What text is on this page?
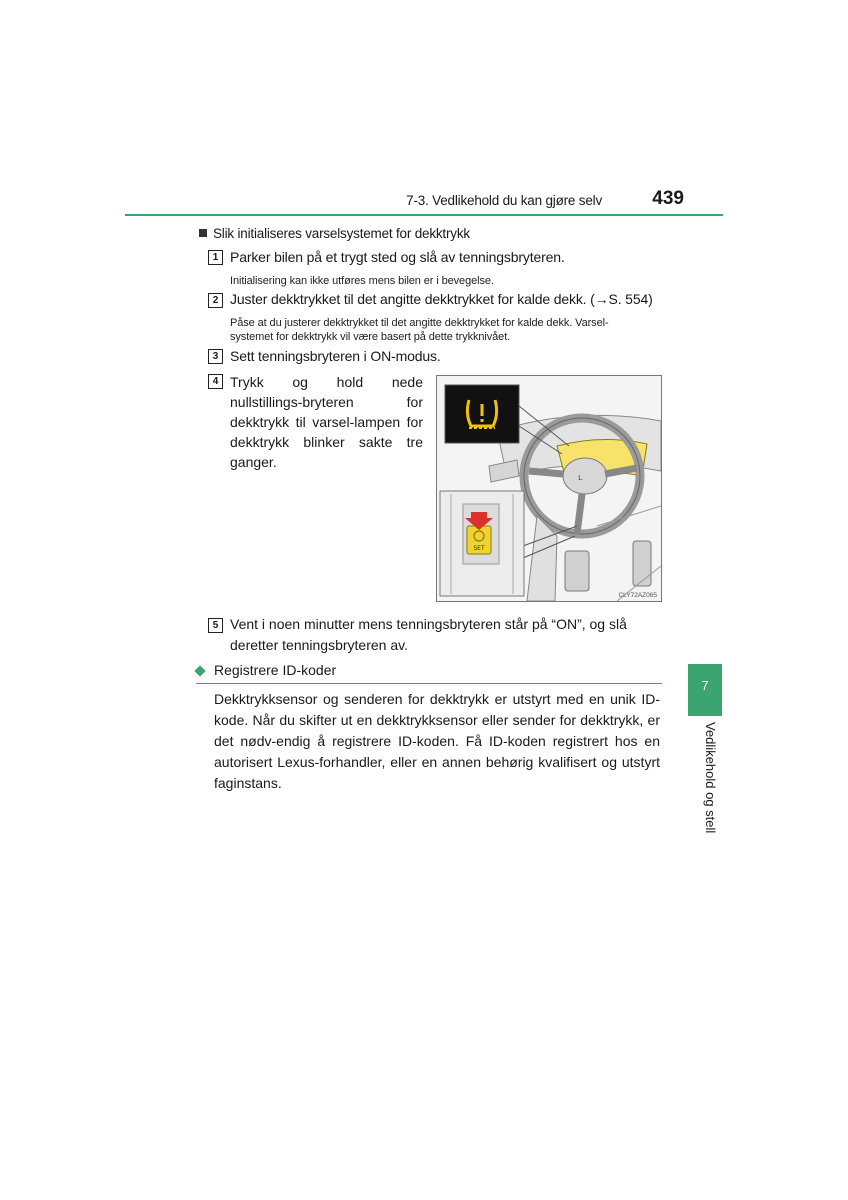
7-3. Vedlikehold du kan gjøre selv	439
Slik initialiseres varselsystemet for dekktrykk
1 Parker bilen på et trygt sted og slå av tenningsbryteren.
Initialisering kan ikke utføres mens bilen er i bevegelse.
2 Juster dekktrykket til det angitte dekktrykket for kalde dekk. (→S. 554)
Påse at du justerer dekktrykket til det angitte dekktrykket for kalde dekk. Varsel-
systemet for dekktrykk vil være basert på dette trykknivået.
3 Sett tenningsbryteren i ON-modus.
4 Trykk og hold nede nullstillings-bryteren for dekktrykk til varsel-lampen for dekktrykk blinker sakte tre ganger.
ʟ
SET
CLY72AZ065
5 Vent i noen minutter mens tenningsbryteren står på “ON”, og slå deretter tenningsbryteren av.
Registrere ID-koder
Dekktrykksensor og senderen for dekktrykk er utstyrt med en unik ID-kode. Når du skifter ut en dekktrykksensor eller sender for dekktrykk, er det nødv-endig å registrere ID-koden. Få ID-koden registrert hos en autorisert Lexus-forhandler, eller en annen behørig kvalifisert og utstyrt faginstans.
7
Vedlikehold og stell
